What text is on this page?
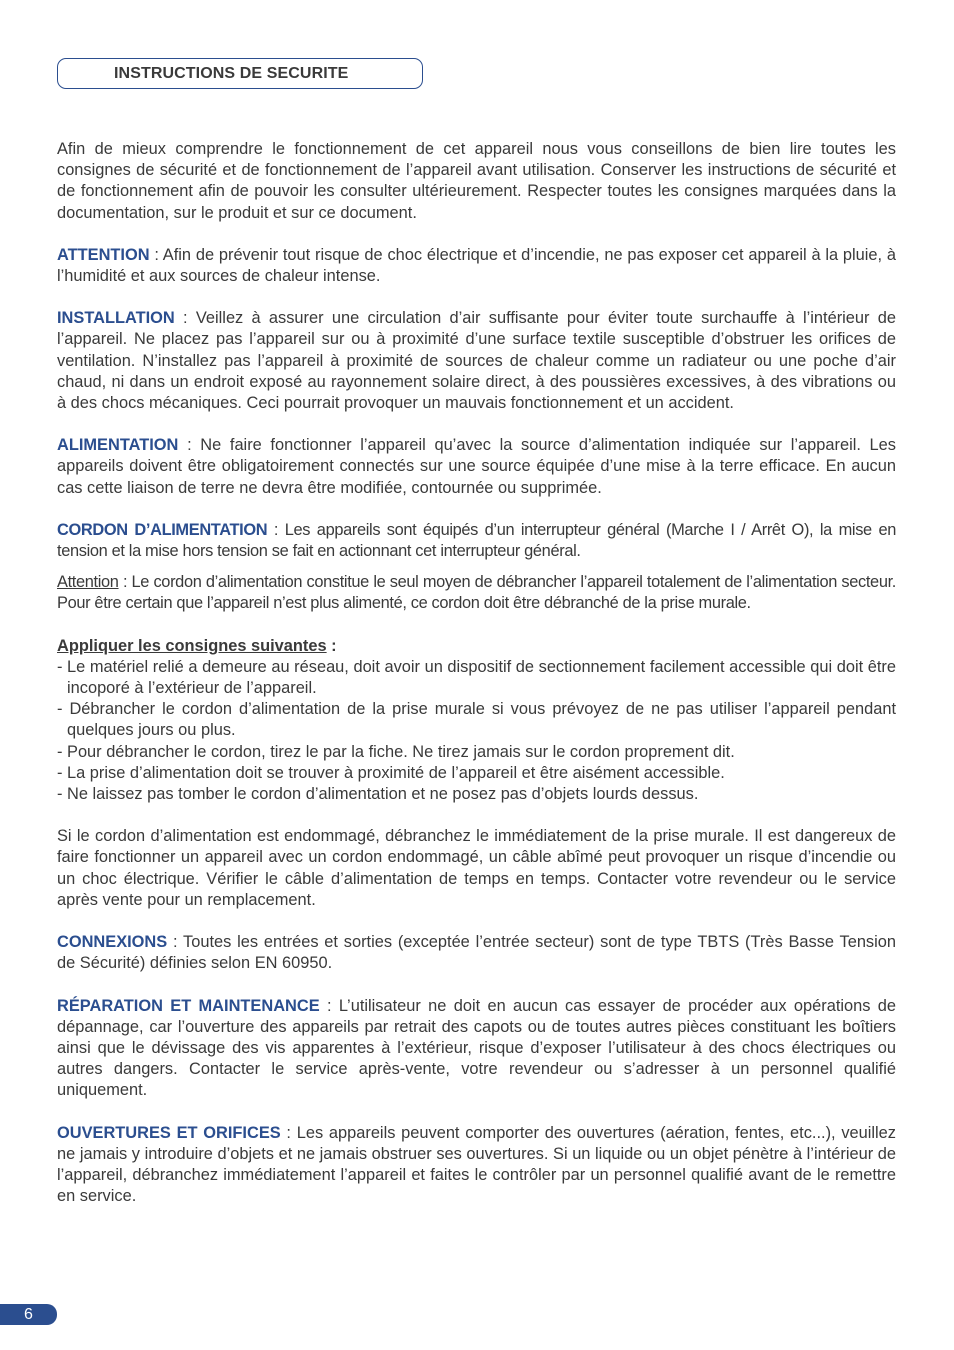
INSTRUCTIONS DE SECURITE

Afin de mieux comprendre le fonctionnement de cet appareil nous vous conseillons de bien lire toutes les consignes de sécurité et de fonctionnement de l’appareil avant utilisation. Conserver les instructions de sécurité et de fonctionnement afin de pouvoir les consulter ultérieurement. Respecter toutes les consignes marquées dans la documentation, sur le produit et sur ce document.

ATTENTION : Afin de prévenir tout risque de choc électrique et d’incendie, ne pas exposer cet appareil à la pluie, à l’humidité et aux sources de chaleur intense.

INSTALLATION : Veillez à assurer une circulation d’air suffisante pour éviter toute surchauffe à l’intérieur de l’appareil. Ne placez pas l’appareil sur ou à proximité d’une surface textile susceptible d’obstruer les orifices de ventilation. N’installez pas l’appareil à proximité de sources de chaleur comme un radiateur ou une poche d’air chaud, ni dans un endroit exposé au rayonnement solaire direct, à des poussières excessives, à des vibrations ou à des chocs mécaniques. Ceci pourrait provoquer un mauvais fonctionnement et un accident.

ALIMENTATION : Ne faire fonctionner l’appareil qu’avec la source d’alimentation indiquée sur l’appareil. Les appareils doivent être obligatoirement connectés sur une source équipée d’une mise à la terre efficace. En aucun cas cette liaison de terre ne devra être modifiée, contournée ou supprimée.

CORDON D’ALIMENTATION : Les appareils sont équipés d’un interrupteur général (Marche I / Arrêt O), la mise en tension et la mise hors tension se fait en actionnant cet interrupteur général.

Attention : Le cordon d’alimentation constitue le seul moyen de débrancher l’appareil totalement de l’alimentation secteur. Pour être certain que l’appareil n’est plus alimenté, ce cordon doit être débranché de la prise murale.

Appliquer les consignes suivantes :

- Le matériel relié a demeure au réseau, doit avoir un dispositif de sectionnement facilement accessible qui doit être incoporé à l’extérieur de l’appareil.
- Débrancher le cordon d’alimentation de la prise murale si vous prévoyez de ne pas utiliser l’appareil pendant quelques jours ou plus.
- Pour débrancher le cordon, tirez le par la fiche. Ne tirez jamais sur le cordon proprement dit.
- La prise d’alimentation doit se trouver à proximité de l’appareil et être aisément accessible.
- Ne laissez pas tomber le cordon d’alimentation et ne posez pas d’objets lourds dessus.

Si le cordon d’alimentation est endommagé, débranchez le immédiatement de la prise murale. Il est dangereux de faire fonctionner un appareil avec un cordon endommagé, un câble abîmé peut provoquer un risque d’incendie ou un choc électrique. Vérifier le câble d’alimentation de temps en temps. Contacter votre revendeur ou le service après vente pour un remplacement.

CONNEXIONS : Toutes les entrées et sorties (exceptée l’entrée secteur) sont de type TBTS (Très Basse Tension de Sécurité) définies selon EN 60950.

RÉPARATION ET MAINTENANCE : L’utilisateur ne doit en aucun cas essayer de procéder aux opérations de dépannage, car l’ouverture des appareils par retrait des capots ou de toutes autres pièces constituant les boîtiers ainsi que le dévissage des vis apparentes à l’extérieur, risque d’exposer l’utilisateur à des chocs électriques ou autres dangers. Contacter le service après-vente, votre revendeur ou s’adresser à un personnel qualifié uniquement.

OUVERTURES ET ORIFICES : Les appareils peuvent comporter des ouvertures (aération, fentes, etc...), veuillez ne jamais y introduire d’objets et ne jamais obstruer ses ouvertures. Si un liquide ou un objet pénètre à l’intérieur de l’appareil, débranchez immédiatement l’appareil et faites le contrôler par un personnel qualifié avant de le remettre en service.

6
